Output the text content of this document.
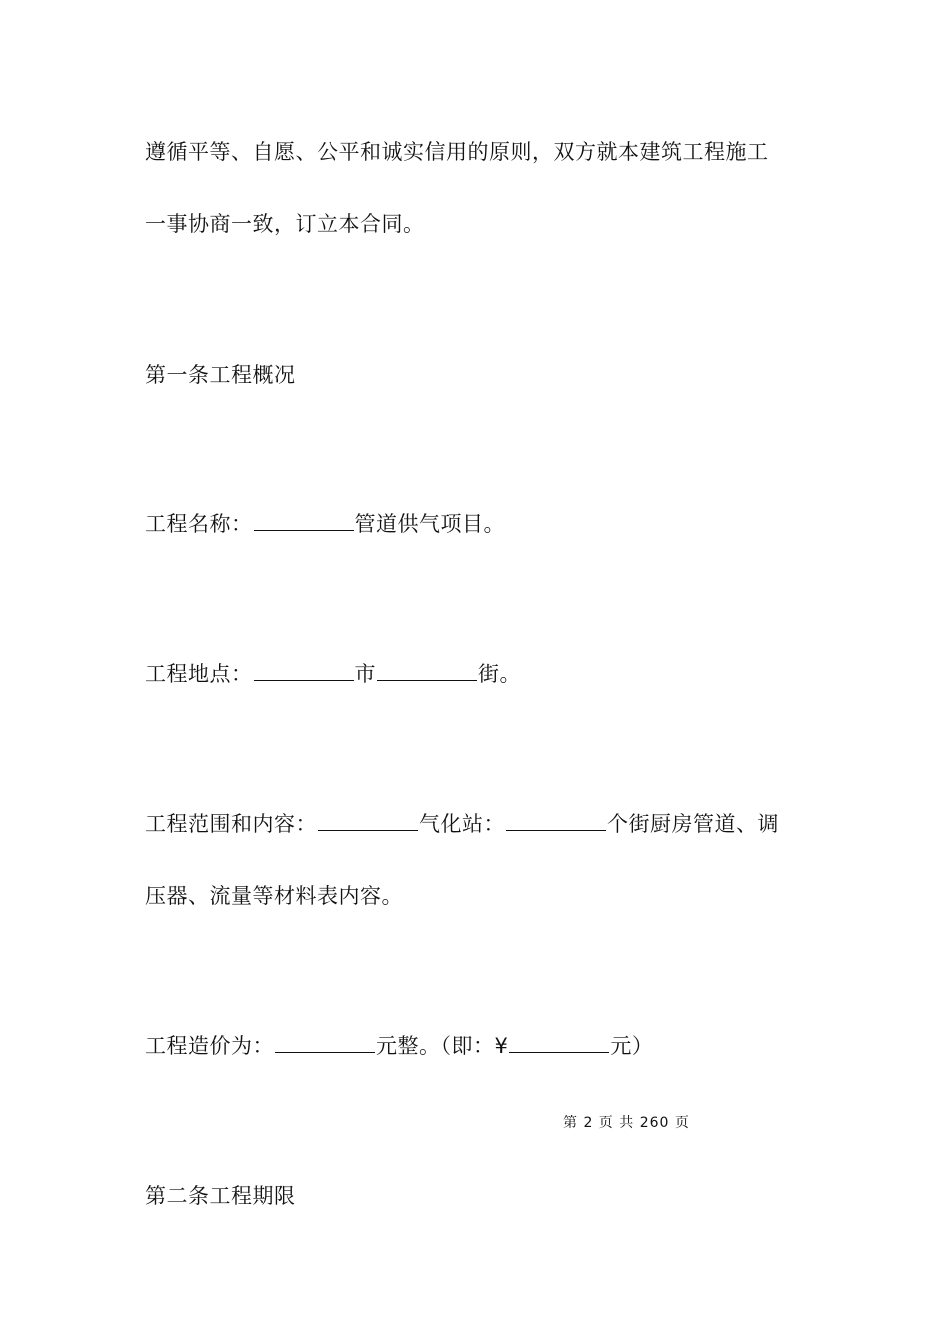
遵循平等、自愿、公平和诚实信用的原则，双方就本建筑工程施工
一事协商一致，订立本合同。
第一条工程概况
工程名称：	管道供气项目。
工程地点：	市	街。
工程范围和内容：	气化站：	个街厨房管道、调
压器、流量等材料表内容。
工程造价为：	元整。（即：¥	元）
第 2 页 共 260 页
第二条工程期限
